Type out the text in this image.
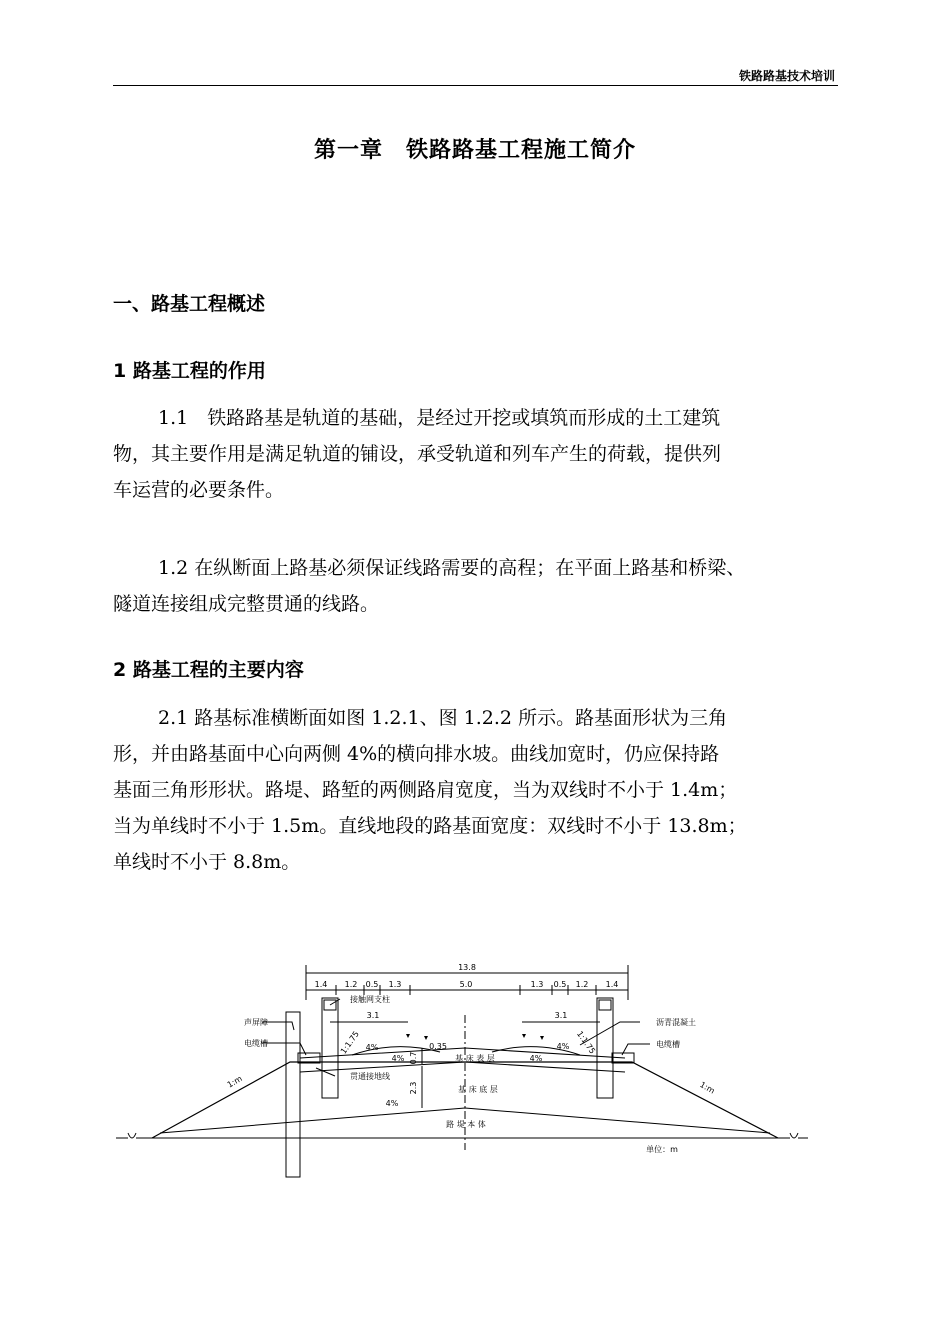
铁路路基技术培训
第一章　铁路路基工程施工简介
一、路基工程概述
1 路基工程的作用
1.1　铁路路基是轨道的基础，是经过开挖或填筑而形成的土工建筑
物，其主要作用是满足轨道的铺设，承受轨道和列车产生的荷载，提供列
车运营的必要条件。
1.2 在纵断面上路基必须保证线路需要的高程；在平面上路基和桥梁、
隧道连接组成完整贯通的线路。
2 路基工程的主要内容
2.1 路基标准横断面如图 1.2.1、图 1.2.2 所示。路基面形状为三角
形，并由路基面中心向两侧 4%的横向排水坡。曲线加宽时，仍应保持路
基面三角形形状。路堤、路堑的两侧路肩宽度，当为双线时不小于 1.4m；
当为单线时不小于 1.5m。直线地段的路基面宽度：双线时不小于 13.8m；
单线时不小于 8.8m。
13.8
1.4 1.2 0.5 1.3	5.0	1.3 0.5 1.2 1.4
3.1	3.1
接触网支柱
声屏障	沥青混凝土
电缆槽	电缆槽
贯通接地线
基 床 表 层
基 床 底 层
路 堤 本 体
1:1.75	1:1.75
1:m	1:m
4%
4%	4%
4%
4%
0.35
0.7
2.3
单位：m
